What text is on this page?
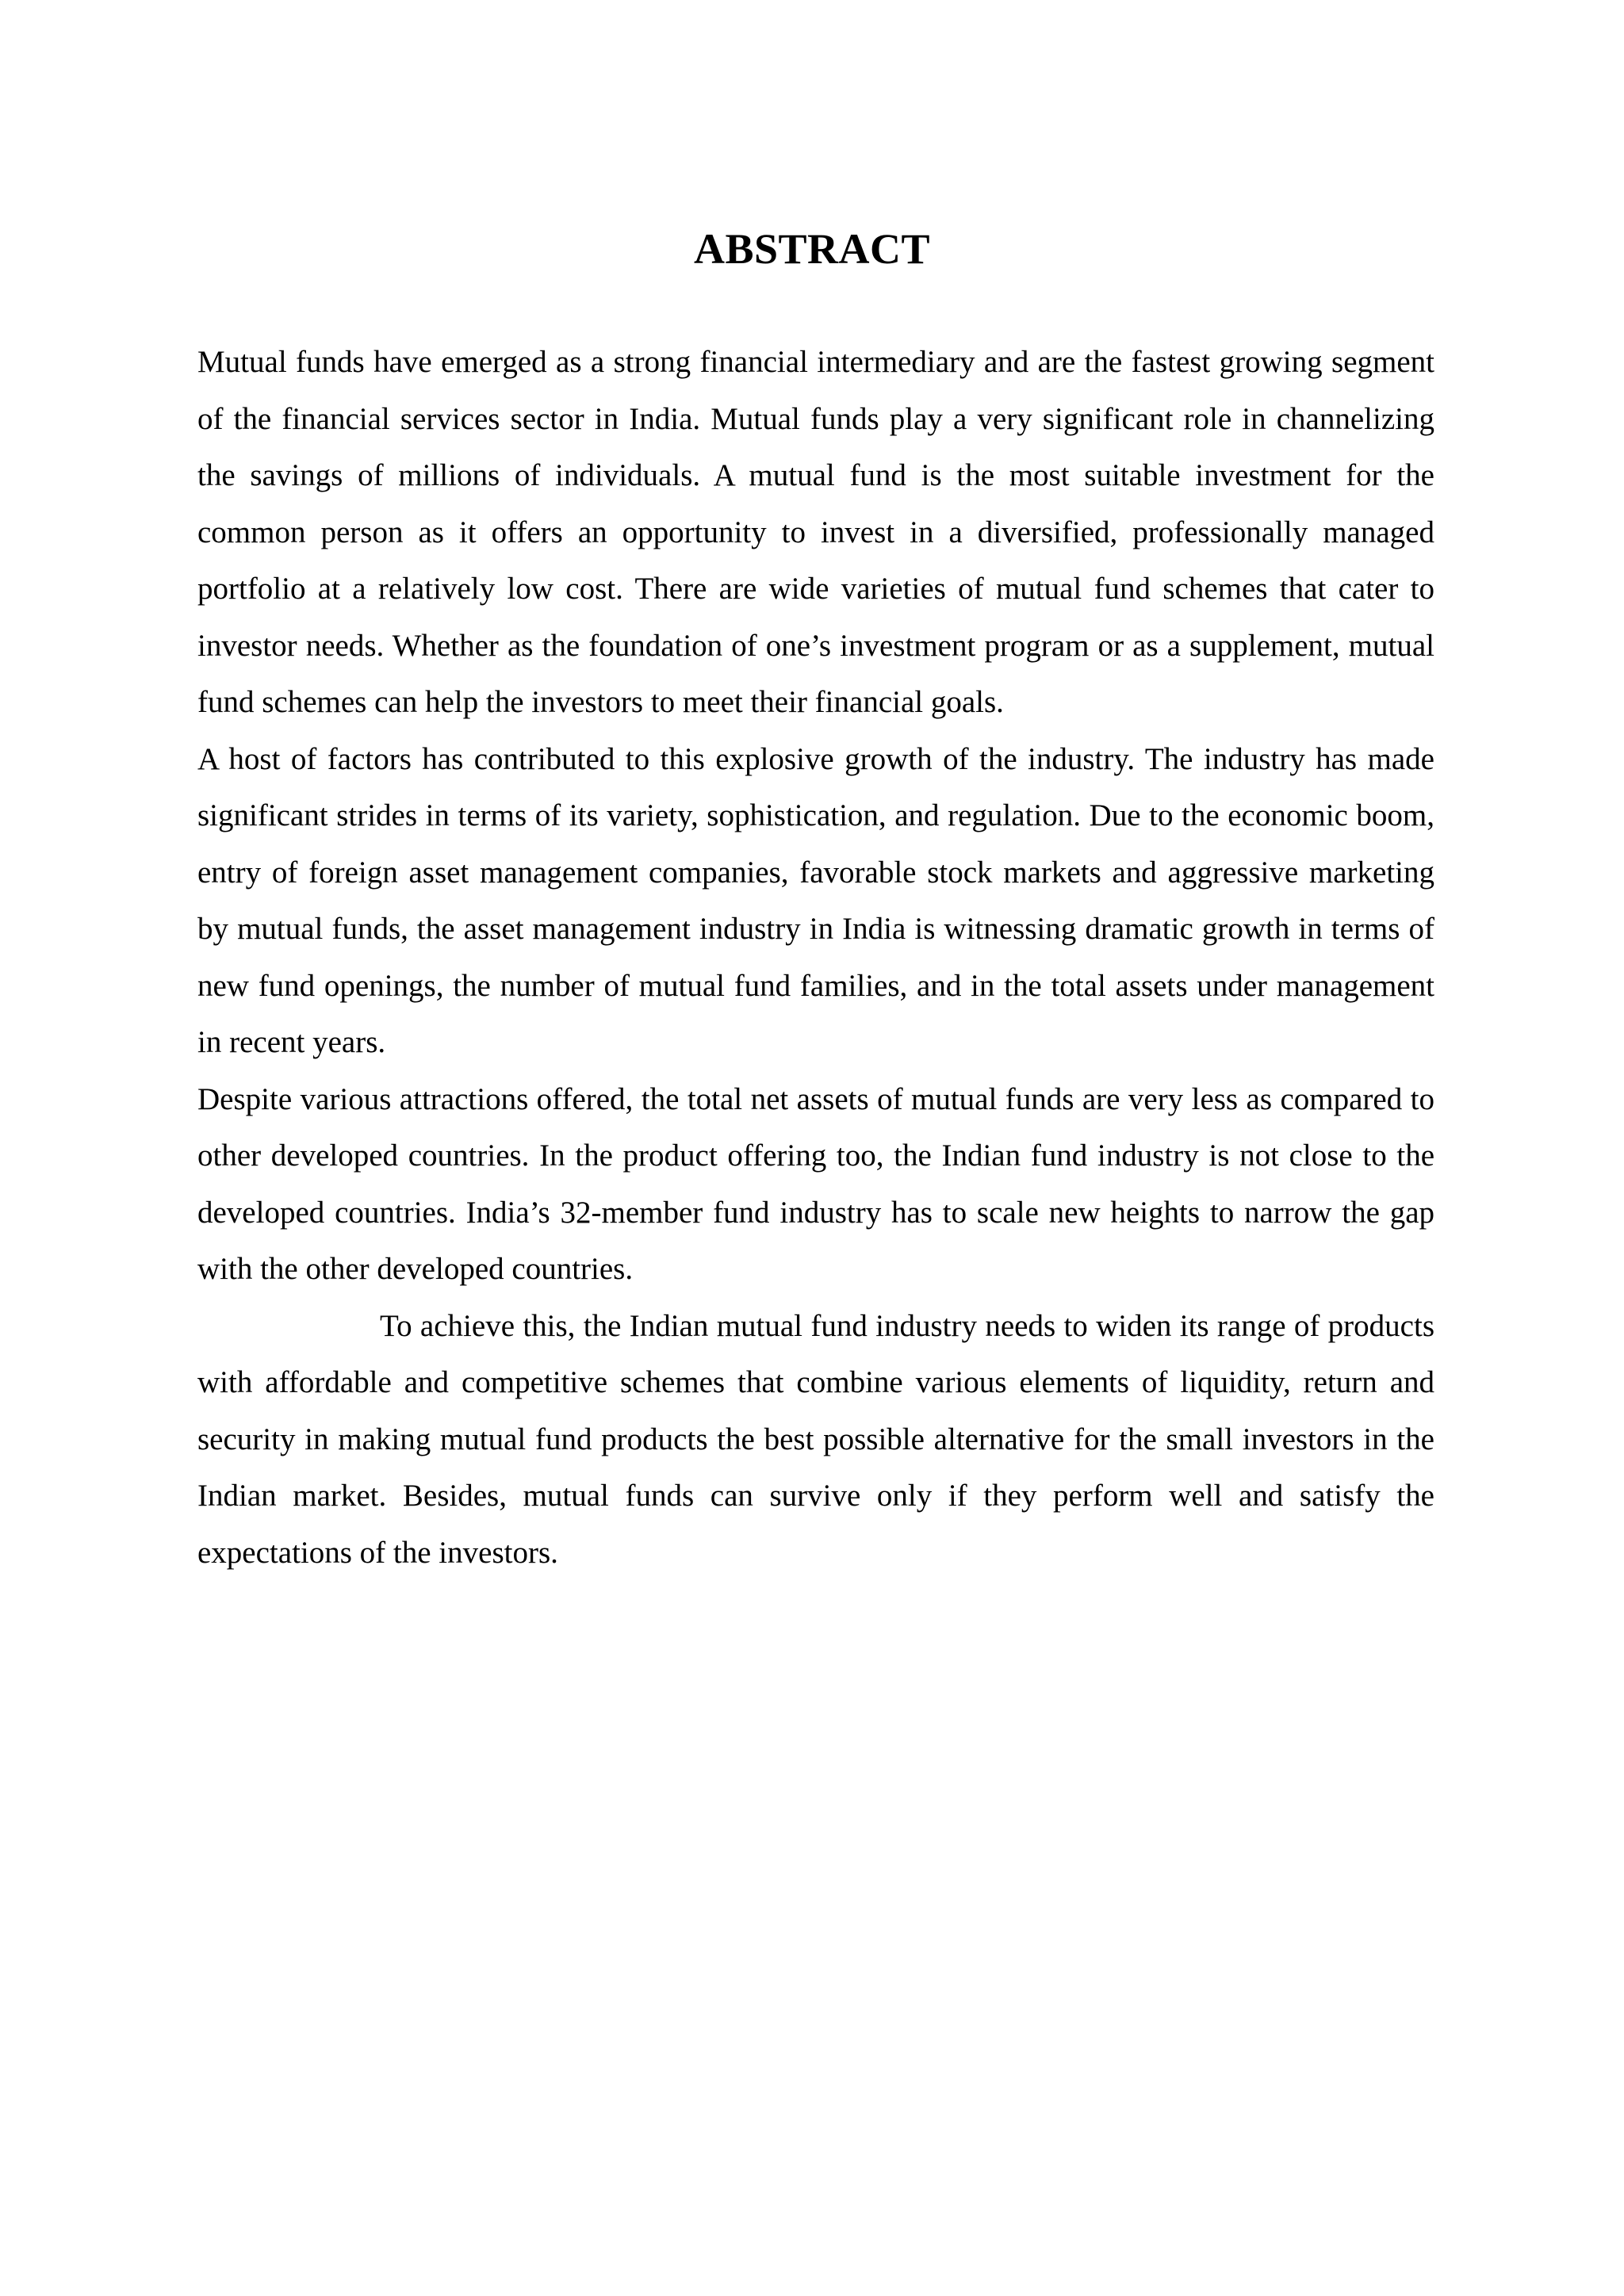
ABSTRACT

Mutual funds have emerged as a strong financial intermediary and are the fastest growing segment of the financial services sector in India. Mutual funds play a very significant role in channelizing the savings of millions of individuals. A mutual fund is the most suitable investment for the common person as it offers an opportunity to invest in a diversified, professionally managed portfolio at a relatively low cost. There are wide varieties of mutual fund schemes that cater to investor needs. Whether as the foundation of one’s investment program or as a supplement, mutual fund schemes can help the investors to meet their financial goals.

A host of factors has contributed to this explosive growth of the industry. The industry has made significant strides in terms of its variety, sophistication, and regulation. Due to the economic boom, entry of foreign asset management companies, favorable stock markets and aggressive marketing by mutual funds, the asset management industry in India is witnessing dramatic growth in terms of new fund openings, the number of mutual fund families, and in the total assets under management in recent years.

Despite various attractions offered, the total net assets of mutual funds are very less as compared to other developed countries. In the product offering too, the Indian fund industry is not close to the developed countries. India’s 32-member fund industry has to scale new heights to narrow the gap with the other developed countries.

To achieve this, the Indian mutual fund industry needs to widen its range of products with affordable and competitive schemes that combine various elements of liquidity, return and security in making mutual fund products the best possible alternative for the small investors in the Indian market. Besides, mutual funds can survive only if they perform well and satisfy the expectations of the investors.
